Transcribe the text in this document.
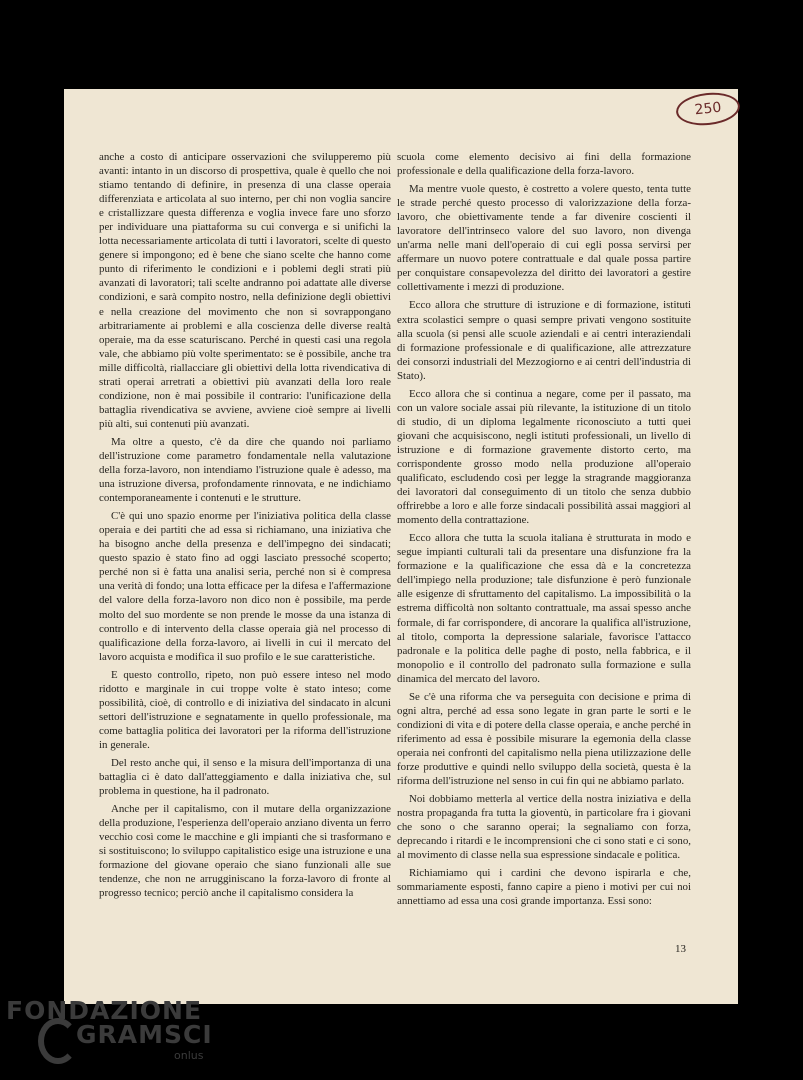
250

anche a costo di anticipare osservazioni che svilupperemo più avanti: intanto in un discorso di prospettiva, quale è quello che noi stiamo tentando di definire, in presenza di una classe operaia differenziata e articolata al suo interno, per chi non voglia sancire e cristallizzare questa differenza e voglia invece fare uno sforzo per individuare una piattaforma su cui converga e si unifichi la lotta necessariamente articolata di tutti i lavoratori, scelte di questo genere si impongono; ed è bene che siano scelte che hanno come punto di riferimento le condizioni e i poblemi degli strati più avanzati di lavoratori; tali scelte andranno poi adattate alle diverse condizioni, e sarà compito nostro, nella definizione degli obiettivi e nella creazione del movimento che non si sovrappongano arbitrariamente ai problemi e alla coscienza delle diverse realtà operaie, ma da esse scaturiscano. Perché in questi casi una regola vale, che abbiamo più volte sperimentato: se è possibile, anche tra mille difficoltà, riallacciare gli obiettivi della lotta rivendicativa di strati operai arretrati a obiettivi più avanzati della loro reale condizione, non è mai possibile il contrario: l'unificazione della battaglia rivendicativa se avviene, avviene cioè sempre ai livelli più alti, sui contenuti più avanzati.

Ma oltre a questo, c'è da dire che quando noi parliamo dell'istruzione come parametro fondamentale nella valutazione della forza-lavoro, non intendiamo l'istruzione quale è adesso, ma una istruzione diversa, profondamente rinnovata, e ne indichiamo contemporaneamente i contenuti e le strutture.

C'è qui uno spazio enorme per l'iniziativa politica della classe operaia e dei partiti che ad essa si richiamano, una iniziativa che ha bisogno anche della presenza e dell'impegno dei sindacati; questo spazio è stato fino ad oggi lasciato pressoché scoperto; perché non si è fatta una analisi seria, perché non si è compresa una verità di fondo; una lotta efficace per la difesa e l'affermazione del valore della forza-lavoro non dico non è possibile, ma perde molto del suo mordente se non prende le mosse da una istanza di controllo e di intervento della classe operaia già nel processo di qualificazione della forza-lavoro, ai livelli in cui il mercato del lavoro acquista e modifica il suo profilo e le sue caratteristiche.

E questo controllo, ripeto, non può essere inteso nel modo ridotto e marginale in cui troppe volte è stato inteso; come possibilità, cioè, di controllo e di iniziativa del sindacato in alcuni settori dell'istruzione e segnatamente in quello professionale, ma come battaglia politica dei lavoratori per la riforma dell'istruzione in generale.

Del resto anche qui, il senso e la misura dell'importanza di una battaglia ci è dato dall'atteggiamento e dalla iniziativa che, sul problema in questione, ha il padronato.

Anche per il capitalismo, con il mutare della organizzazione della produzione, l'esperienza dell'operaio anziano diventa un ferro vecchio così come le macchine e gli impianti che si trasformano e si sostituiscono; lo sviluppo capitalistico esige una istruzione e una formazione del giovane operaio che siano funzionali alle sue tendenze, che non ne arrugginiscano la forza-lavoro di fronte al progresso tecnico; perciò anche il capitalismo considera la

scuola come elemento decisivo ai fini della formazione professionale e della qualificazione della forza-lavoro.

Ma mentre vuole questo, è costretto a volere questo, tenta tutte le strade perché questo processo di valorizzazione della forza-lavoro, che obiettivamente tende a far divenire coscienti il lavoratore dell'intrinseco valore del suo lavoro, non divenga un'arma nelle mani dell'operaio di cui egli possa servirsi per affermare un nuovo potere contrattuale e dal quale possa partire per conquistare consapevolezza del diritto dei lavoratori a gestire collettivamente i mezzi di produzione.

Ecco allora che strutture di istruzione e di formazione, istituti extra scolastici sempre o quasi sempre privati vengono sostituite alla scuola (si pensi alle scuole aziendali e ai centri interaziendali di formazione professionale e di qualificazione, alle attrezzature dei consorzi industriali del Mezzogiorno e ai centri dell'industria di Stato).

Ecco allora che si continua a negare, come per il passato, ma con un valore sociale assai più rilevante, la istituzione di un titolo di studio, di un diploma legalmente riconosciuto a tutti quei giovani che acquisiscono, negli istituti professionali, un livello di istruzione e di formazione gravemente distorto certo, ma corrispondente grosso modo nella produzione all'operaio qualificato, escludendo così per legge la stragrande maggioranza dei lavoratori dal conseguimento di un titolo che senza dubbio offrirebbe a loro e alle forze sindacali possibilità assai maggiori al momento della contrattazione.

Ecco allora che tutta la scuola italiana è strutturata in modo e segue impianti culturali tali da presentare una disfunzione fra la formazione e la qualificazione che essa dà e la concretezza dell'impiego nella produzione; tale disfunzione è però funzionale alle esigenze di sfruttamento del capitalismo. La impossibilità o la estrema difficoltà non soltanto contrattuale, ma assai spesso anche formale, di far corrispondere, di ancorare la qualifica all'istruzione, al titolo, comporta la depressione salariale, favorisce l'attacco padronale e la politica delle paghe di posto, nella fabbrica, e il monopolio e il controllo del padronato sulla formazione e sulla dinamica del mercato del lavoro.

Se c'è una riforma che va perseguita con decisione e prima di ogni altra, perché ad essa sono legate in gran parte le sorti e le condizioni di vita e di potere della classe operaia, e anche perché in riferimento ad essa è possibile misurare la egemonia della classe operaia nei confronti del capitalismo nella piena utilizzazione delle forze produttive e quindi nello sviluppo della società, questa è la riforma dell'istruzione nel senso in cui fin qui ne abbiamo parlato.

Noi dobbiamo metterla al vertice della nostra iniziativa e della nostra propaganda fra tutta la gioventù, in particolare fra i giovani che sono o che saranno operai; la segnaliamo con forza, deprecando i ritardi e le incomprensioni che ci sono stati e ci sono, al movimento di classe nella sua espressione sindacale e politica.

Richiamiamo qui i cardini che devono ispirarla e che, sommariamente esposti, fanno capire a pieno i motivi per cui noi annettiamo ad essa una così grande importanza. Essi sono:

13
FONDAZIONE
GRAMSCI
onlus
